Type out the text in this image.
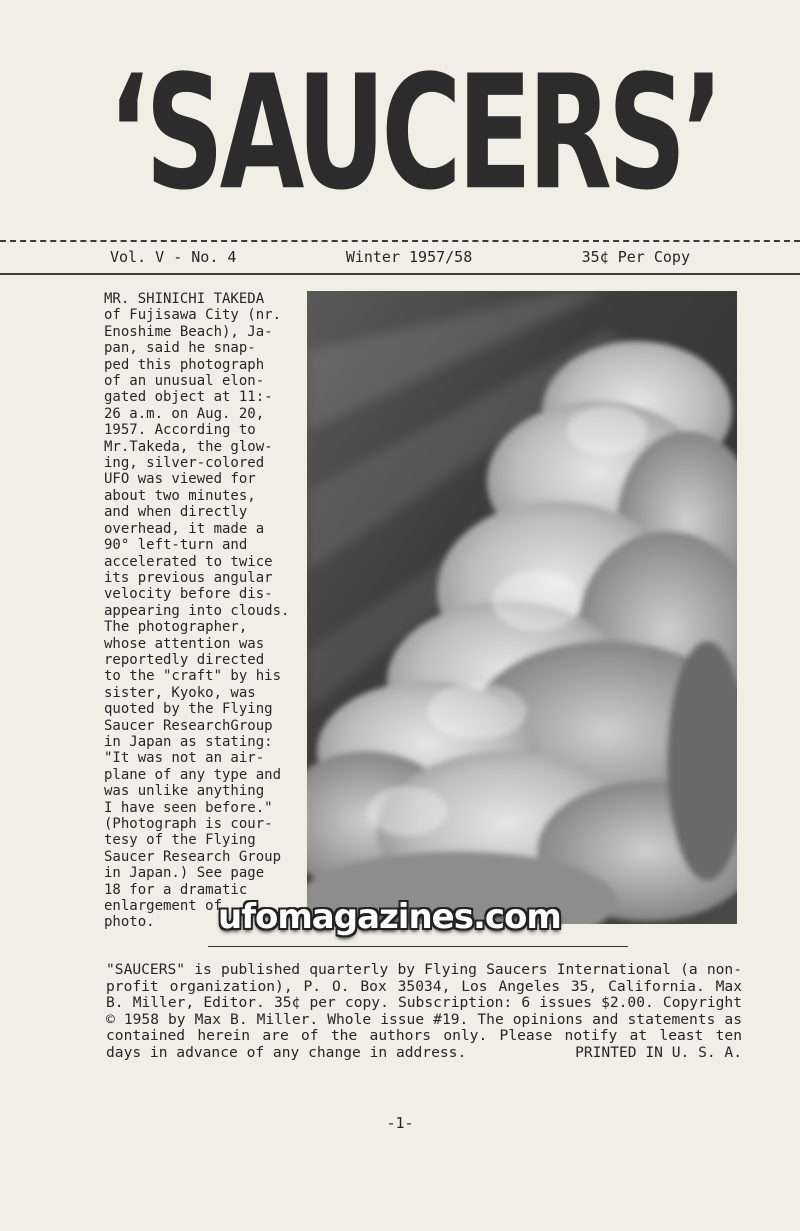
‘SAUCERS’
Vol. V - No. 4	Winter 1957/58	35¢ Per Copy
MR. SHINICHI TAKEDA
of Fujisawa City (nr.
Enoshime Beach), Ja-
pan, said he snap-
ped this photograph
of an unusual elon-
gated object at 11:-
26 a.m. on Aug. 20,
1957. According to
Mr.Takeda, the glow-
ing, silver-colored
UFO was viewed for
about two minutes,
and when directly
overhead, it made a
90° left-turn and
accelerated to twice
its previous angular
velocity before dis-
appearing into clouds.
The photographer,
whose attention was
reportedly directed
to the "craft" by his
sister, Kyoko, was
quoted by the Flying
Saucer ResearchGroup
in Japan as stating:
"It was not an air-
plane of any type and
was unlike anything
I have seen before."
(Photograph is cour-
tesy of the Flying
Saucer Research Group
in Japan.) See page
18 for a dramatic
enlargement of
photo.	ufomagazines.com
"SAUCERS" is published quarterly by Flying Saucers International (a non-profit organization), P. O. Box 35034, Los Angeles 35, California. Max B. Miller, Editor. 35¢ per copy. Subscription: 6 issues $2.00. Copyright © 1958 by Max B. Miller. Whole issue #19. The opinions and statements as contained herein are of the authors only. Please notify at least ten days in advance of any change in address.	PRINTED IN U. S. A.
-1-
